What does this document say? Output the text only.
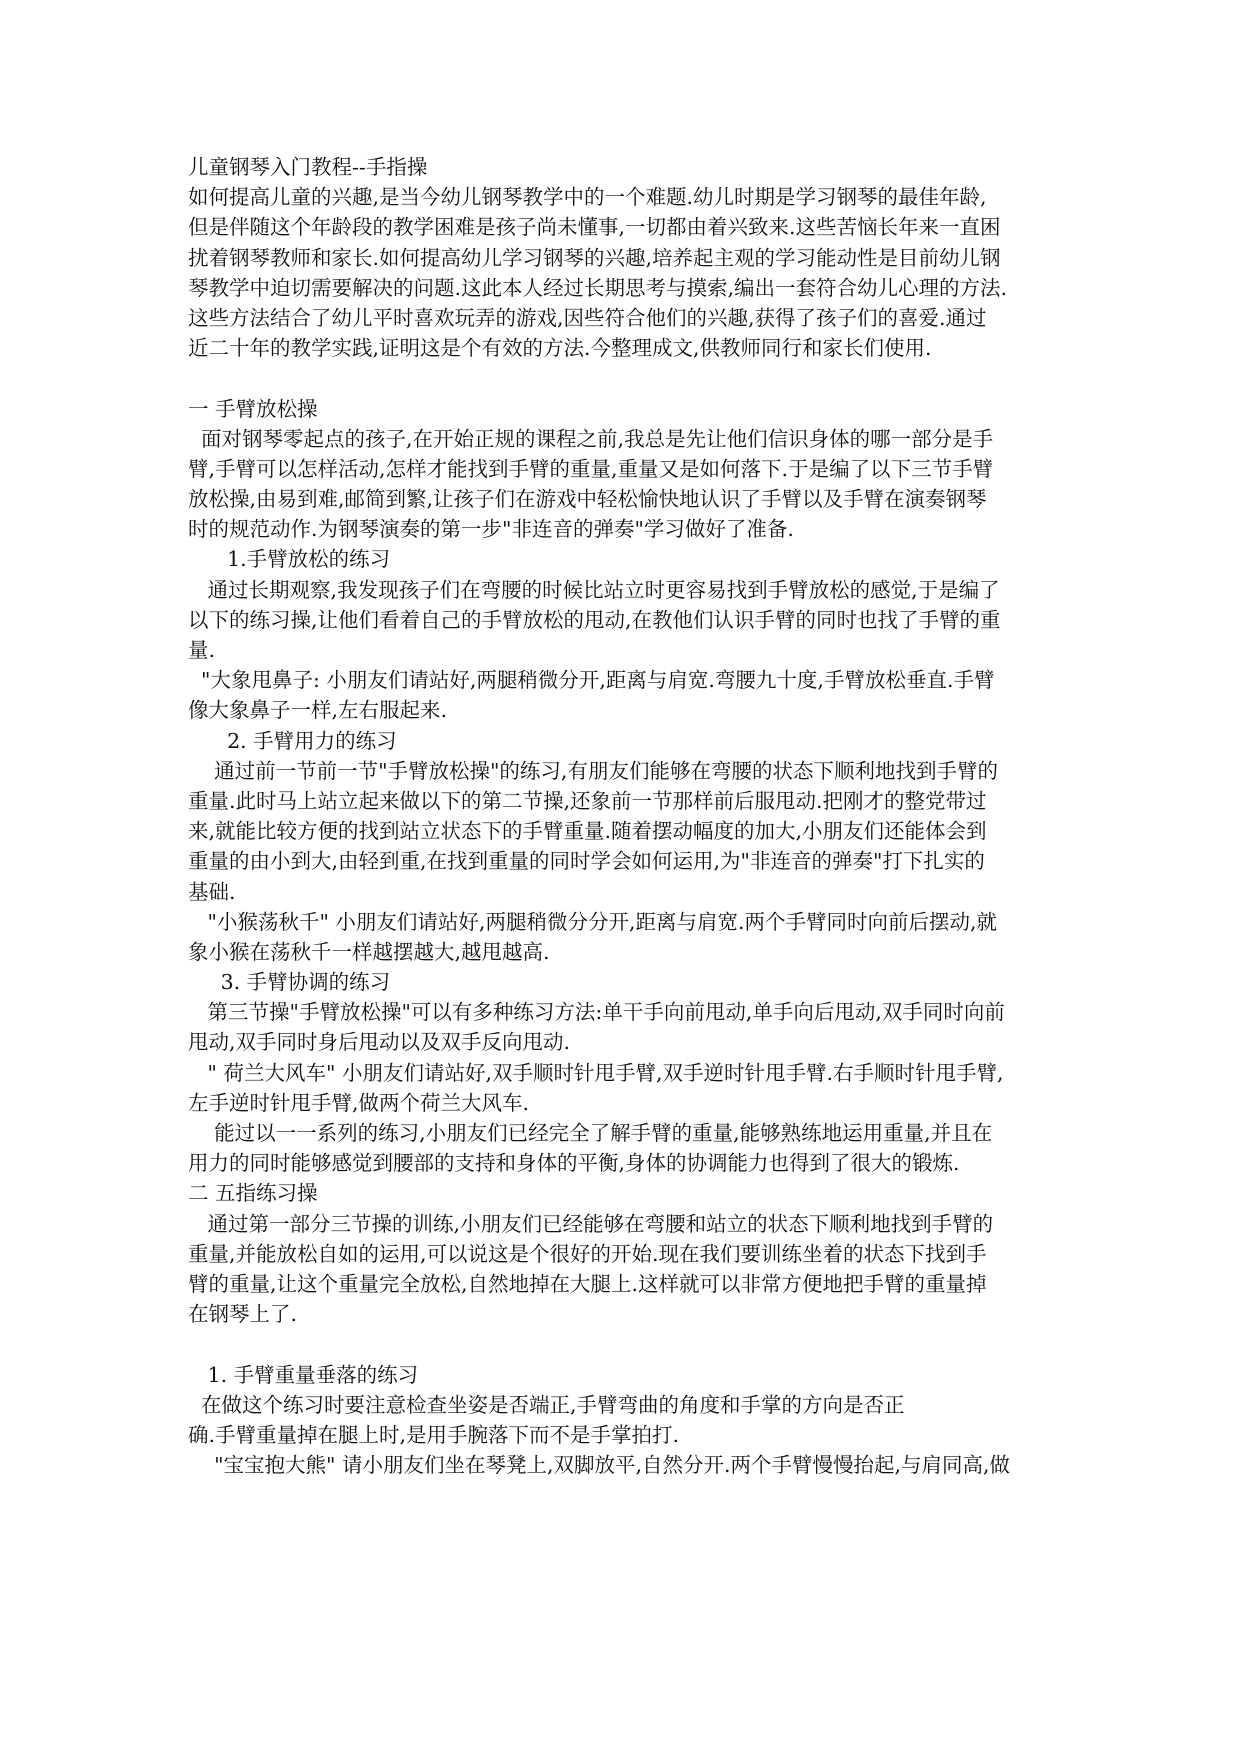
儿童钢琴入门教程--手指操
如何提高儿童的兴趣,是当今幼儿钢琴教学中的一个难题.幼儿时期是学习钢琴的最佳年龄,
但是伴随这个年龄段的教学困难是孩子尚未懂事,一切都由着兴致来.这些苦恼长年来一直困
扰着钢琴教师和家长.如何提高幼儿学习钢琴的兴趣,培养起主观的学习能动性是目前幼儿钢
琴教学中迫切需要解决的问题.这此本人经过长期思考与摸索,编出一套符合幼儿心理的方法.
这些方法结合了幼儿平时喜欢玩弄的游戏,因些符合他们的兴趣,获得了孩子们的喜爱.通过
近二十年的教学实践,证明这是个有效的方法.今整理成文,供教师同行和家长们使用.
一 手臂放松操
面对钢琴零起点的孩子,在开始正规的课程之前,我总是先让他们信识身体的哪一部分是手
臂,手臂可以怎样活动,怎样才能找到手臂的重量,重量又是如何落下.于是编了以下三节手臂
放松操,由易到难,邮简到繁,让孩子们在游戏中轻松愉快地认识了手臂以及手臂在演奏钢琴
时的规范动作.为钢琴演奏的第一步"非连音的弹奏"学习做好了准备.
1.手臂放松的练习
通过长期观察,我发现孩子们在弯腰的时候比站立时更容易找到手臂放松的感觉,于是编了
以下的练习操,让他们看着自己的手臂放松的甩动,在教他们认识手臂的同时也找了手臂的重
量.
"大象甩鼻子: 小朋友们请站好,两腿稍微分开,距离与肩宽.弯腰九十度,手臂放松垂直.手臂
像大象鼻子一样,左右服起来.
2. 手臂用力的练习
通过前一节前一节"手臂放松操"的练习,有朋友们能够在弯腰的状态下顺利地找到手臂的
重量.此时马上站立起来做以下的第二节操,还象前一节那样前后服甩动.把刚才的整党带过
来,就能比较方便的找到站立状态下的手臂重量.随着摆动幅度的加大,小朋友们还能体会到
重量的由小到大,由轻到重,在找到重量的同时学会如何运用,为"非连音的弹奏"打下扎实的
基础.
"小猴荡秋千" 小朋友们请站好,两腿稍微分分开,距离与肩宽.两个手臂同时向前后摆动,就
象小猴在荡秋千一样越摆越大,越甩越高.
3. 手臂协调的练习
第三节操"手臂放松操"可以有多种练习方法:单干手向前甩动,单手向后甩动,双手同时向前
甩动,双手同时身后甩动以及双手反向甩动.
" 荷兰大风车" 小朋友们请站好,双手顺时针甩手臂,双手逆时针甩手臂.右手顺时针甩手臂,
左手逆时针甩手臂,做两个荷兰大风车.
能过以一一系列的练习,小朋友们已经完全了解手臂的重量,能够熟练地运用重量,并且在
用力的同时能够感觉到腰部的支持和身体的平衡,身体的协调能力也得到了很大的锻炼.
二 五指练习操
通过第一部分三节操的训练,小朋友们已经能够在弯腰和站立的状态下顺利地找到手臂的
重量,并能放松自如的运用,可以说这是个很好的开始.现在我们要训练坐着的状态下找到手
臂的重量,让这个重量完全放松,自然地掉在大腿上.这样就可以非常方便地把手臂的重量掉
在钢琴上了.
1. 手臂重量垂落的练习
在做这个练习时要注意检查坐姿是否端正,手臂弯曲的角度和手掌的方向是否正
确.手臂重量掉在腿上时,是用手腕落下而不是手掌拍打.
"宝宝抱大熊" 请小朋友们坐在琴凳上,双脚放平,自然分开.两个手臂慢慢抬起,与肩同高,做
